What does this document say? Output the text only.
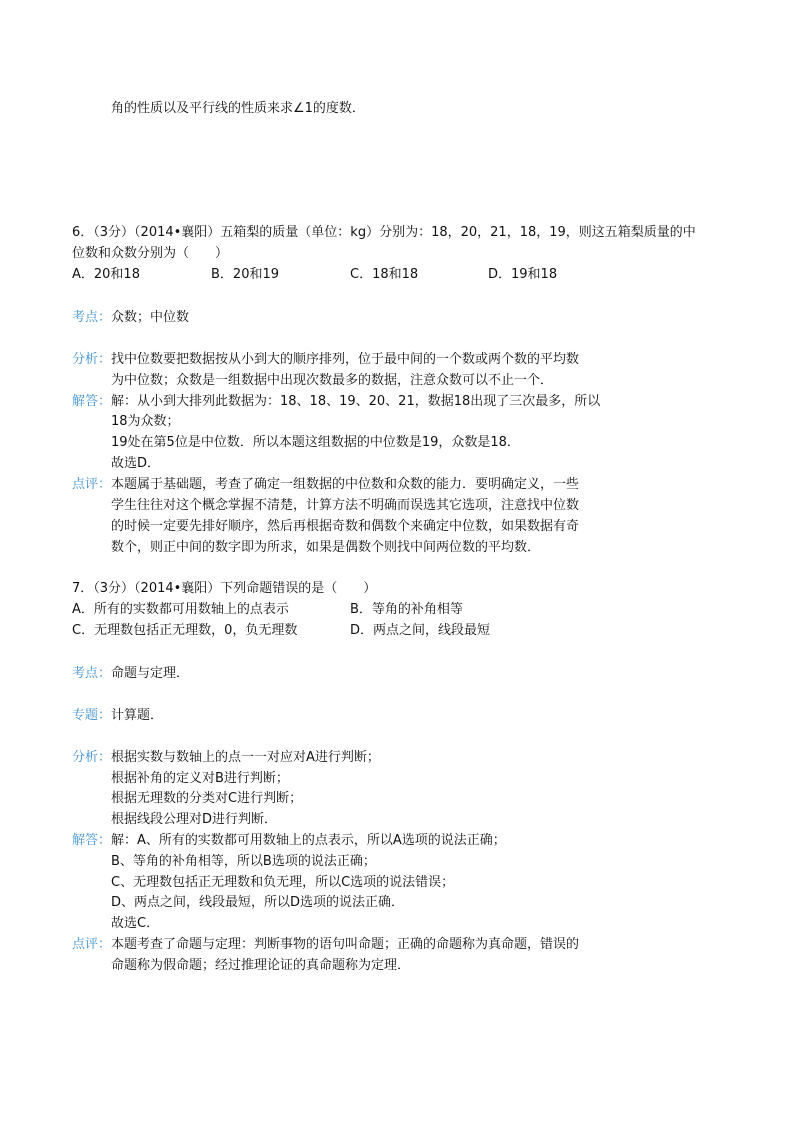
角的性质以及平行线的性质来求∠1的度数．
6．（3分）（2014•襄阳）五箱梨的质量（单位：kg）分别为：18，20，21，18，19，则这五箱梨质量的中
位数和众数分别为（　　）
A．20和18	B．20和19	C．18和18	D．19和18
考点：众数；中位数
分析： 找中位数要把数据按从小到大的顺序排列，位于最中间的一个数或两个数的平均数
为中位数；众数是一组数据中出现次数最多的数据，注意众数可以不止一个．
解答： 解：从小到大排列此数据为：18、18、19、20、21，数据18出现了三次最多，所以
18为众数；
19处在第5位是中位数．所以本题这组数据的中位数是19，众数是18．
故选D．
点评： 本题属于基础题，考查了确定一组数据的中位数和众数的能力．要明确定义，一些
学生往往对这个概念掌握不清楚，计算方法不明确而误选其它选项，注意找中位数
的时候一定要先排好顺序，然后再根据奇数和偶数个来确定中位数，如果数据有奇
数个，则正中间的数字即为所求，如果是偶数个则找中间两位数的平均数．
7．（3分）（2014•襄阳）下列命题错误的是（　　）
A．所有的实数都可用数轴上的点表示	B．等角的补角相等
C．无理数包括正无理数，0，负无理数	D．两点之间，线段最短
考点：命题与定理．
专题：计算题．
分析： 根据实数与数轴上的点一一对应对A进行判断；
根据补角的定义对B进行判断；
根据无理数的分类对C进行判断；
根据线段公理对D进行判断．
解答： 解：A、所有的实数都可用数轴上的点表示，所以A选项的说法正确；
B、等角的补角相等，所以B选项的说法正确；
C、无理数包括正无理数和负无理，所以C选项的说法错误；
D、两点之间，线段最短，所以D选项的说法正确．
故选C．
点评： 本题考查了命题与定理：判断事物的语句叫命题；正确的命题称为真命题，错误的
命题称为假命题；经过推理论证的真命题称为定理．
